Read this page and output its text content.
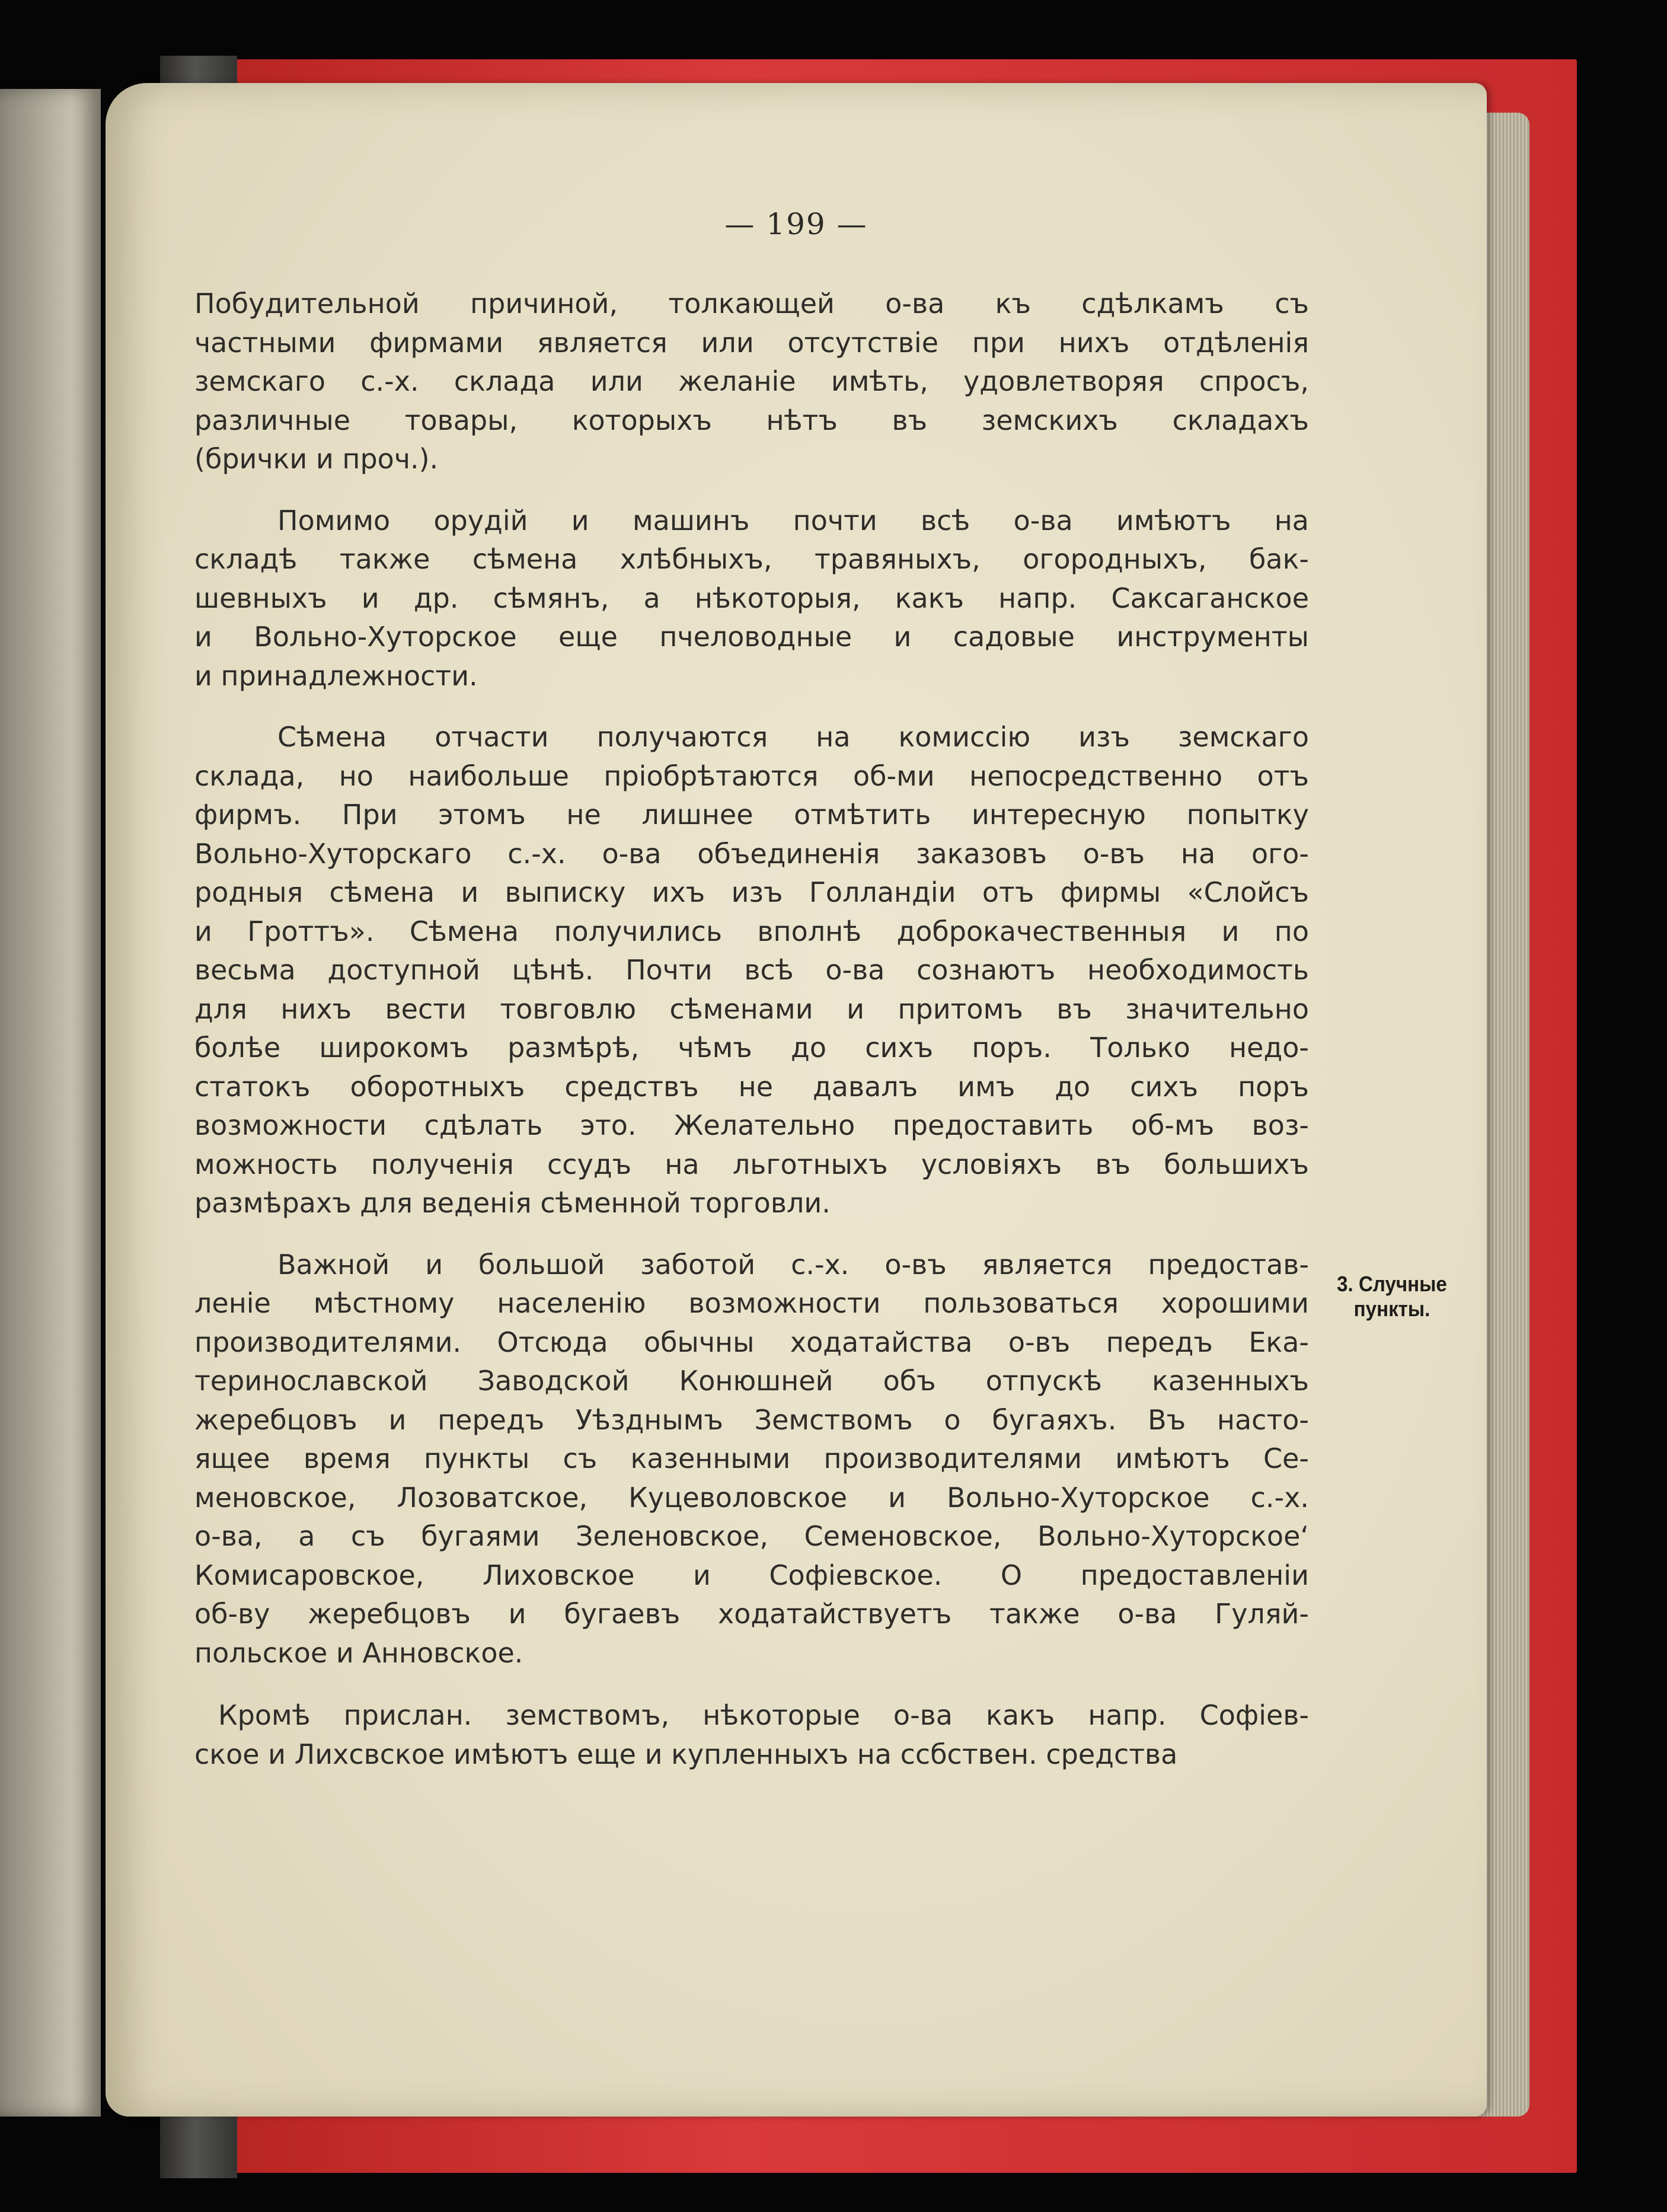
— 199 —
Побудительной причиной, толкающей о-ва къ сдѣлкамъ съ
частными фирмами является или отсутствіе при нихъ отдѣленія
земскаго с.-х. склада или желаніе имѣть, удовлетворяя спросъ,
различные товары, которыхъ нѣтъ въ земскихъ складахъ
(брички и проч.).
Помимо орудій и машинъ почти всѣ о-ва имѣютъ на
складѣ также сѣмена хлѣбныхъ, травяныхъ, огородныхъ, бак-
шевныхъ и др. сѣмянъ, а нѣкоторыя, какъ напр. Саксаганское
и Вольно-Хуторское еще пчеловодные и садовые инструменты
и принадлежности.
Сѣмена отчасти получаются на комиссію изъ земскаго
склада, но наибольше пріобрѣтаются об-ми непосредственно отъ
фирмъ. При этомъ не лишнее отмѣтить интересную попытку
Вольно-Хуторскаго с.-х. о-ва объединенія заказовъ о-въ на ого-
родныя сѣмена и выписку ихъ изъ Голландіи отъ фирмы «Слойсъ
и Гроттъ». Сѣмена получились вполнѣ доброкачественныя и по
весьма доступной цѣнѣ. Почти всѣ о-ва сознаютъ необходимость
для нихъ вести товговлю сѣменами и притомъ въ значительно
болѣе широкомъ размѣрѣ, чѣмъ до сихъ поръ. Только недо-
статокъ оборотныхъ средствъ не давалъ имъ до сихъ поръ
возможности сдѣлать это. Желательно предоставить об-мъ воз-
можность полученія ссудъ на льготныхъ условіяхъ въ большихъ
размѣрахъ для веденія сѣменной торговли.
Важной и большой заботой с.-х. о-въ является предостав-
леніе мѣстному населенію возможности пользоваться хорошими
производителями. Отсюда обычны ходатайства о-въ передъ Ека-
теринославской Заводской Конюшней объ отпускѣ казенныхъ
жеребцовъ и передъ Уѣзднымъ Земствомъ о бугаяхъ. Въ насто-
ящее время пункты съ казенными производителями имѣютъ Се-
меновское, Лозоватское, Куцеволовское и Вольно-Хуторское с.-х.
о-ва, а съ бугаями Зеленовское, Семеновское, Вольно-Хуторское‘
Комисаровское, Лиховское и Софіевское. О предоставленіи
об-ву жеребцовъ и бугаевъ ходатайствуетъ также о-ва Гуляй-
польское и Анновское.
Кромѣ прислан. земствомъ, нѣкоторые о-ва какъ напр. Софіев-
ское и Лихсвское имѣютъ еще и купленныхъ на ссбствен. средства
3. Случные пункты.
